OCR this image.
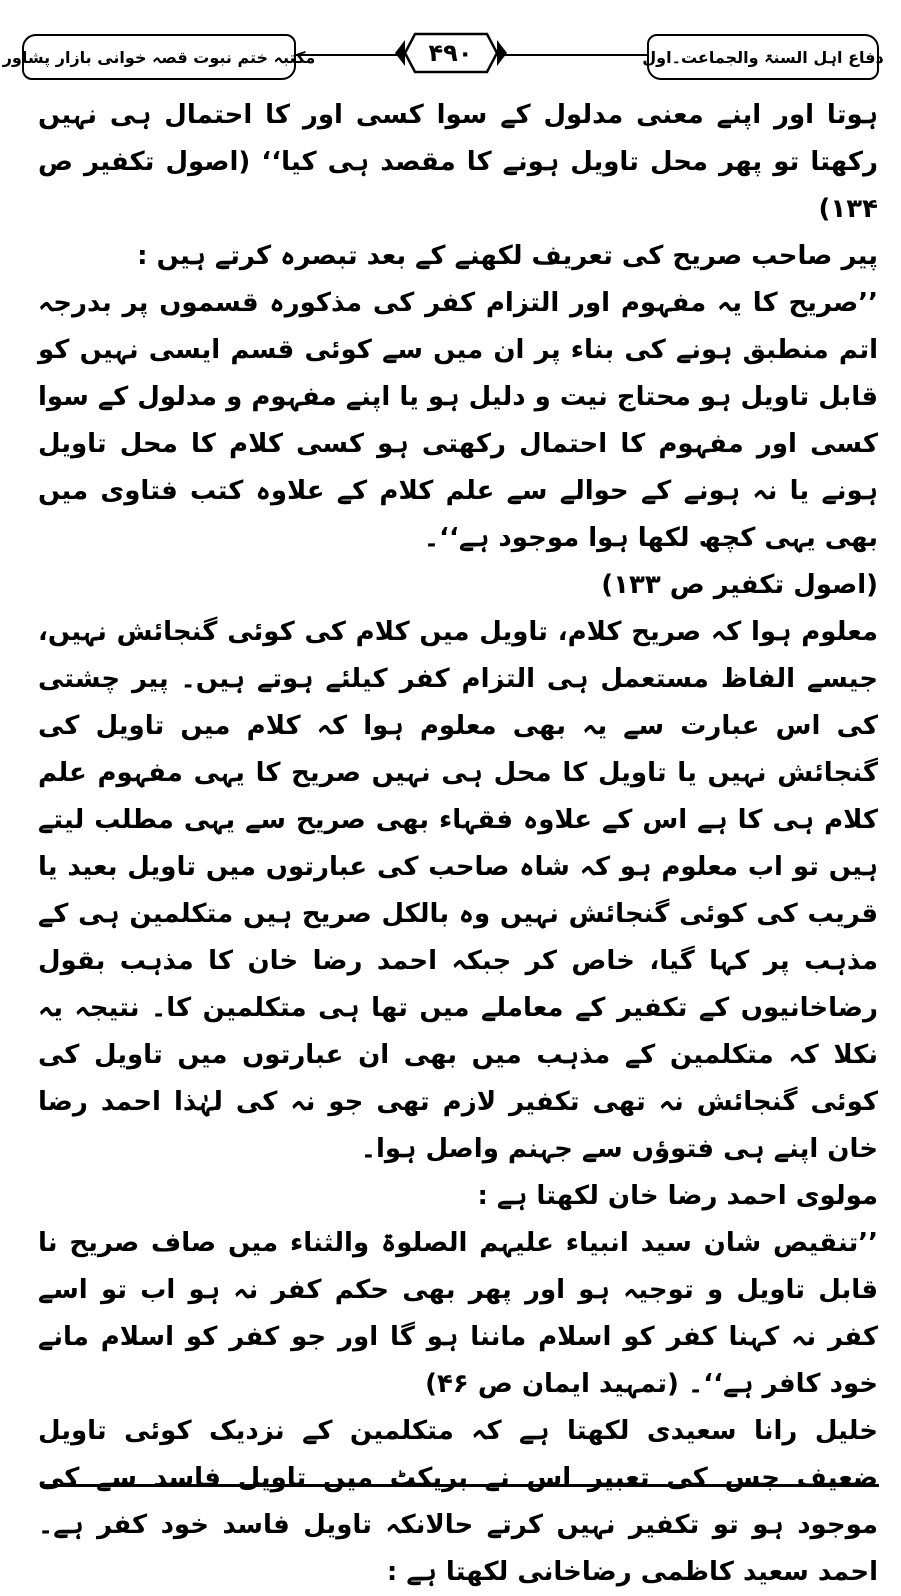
دفاع اہل السنۃ والجماعت۔اول
۴۹۰
مکتبہ ختم نبوت قصہ خوانی بازار پشاور

ہوتا اور اپنے معنی مدلول کے سوا کسی اور کا احتمال ہی نہیں رکھتا تو پھر محل تاویل ہونے کا مقصد ہی کیا‘‘ (اصول تکفیر ص ۱۳۴)

پیر صاحب صریح کی تعریف لکھنے کے بعد تبصرہ کرتے ہیں :

’’صریح کا یہ مفہوم اور التزام کفر کی مذکورہ قسموں پر بدرجہ اتم منطبق ہونے کی بناء پر ان میں سے کوئی قسم ایسی نہیں کو قابل تاویل ہو محتاج نیت و دلیل ہو یا اپنے مفہوم و مدلول کے سوا کسی اور مفہوم کا احتمال رکھتی ہو کسی کلام کا محل تاویل ہونے یا نہ ہونے کے حوالے سے علم کلام کے علاوہ کتب فتاوی میں بھی یہی کچھ لکھا ہوا موجود ہے‘‘۔

(اصول تکفیر ص ۱۳۳)

معلوم ہوا کہ صریح کلام، تاویل میں کلام کی کوئی گنجائش نہیں، جیسے الفاظ مستعمل ہی التزام کفر کیلئے ہوتے ہیں۔ پیر چشتی کی اس عبارت سے یہ بھی معلوم ہوا کہ کلام میں تاویل کی گنجائش نہیں یا تاویل کا محل ہی نہیں صریح کا یہی مفہوم علم کلام ہی کا ہے اس کے علاوہ فقہاء بھی صریح سے یہی مطلب لیتے ہیں تو اب معلوم ہو کہ شاہ صاحب کی عبارتوں میں تاویل بعید یا قریب کی کوئی گنجائش نہیں وہ بالکل صریح ہیں متکلمین ہی کے مذہب پر کہا گیا، خاص کر جبکہ احمد رضا خان کا مذہب بقول رضاخانیوں کے تکفیر کے معاملے میں تھا ہی متکلمین کا۔ نتیجہ یہ نکلا کہ متکلمین کے مذہب میں بھی ان عبارتوں میں تاویل کی کوئی گنجائش نہ تھی تکفیر لازم تھی جو نہ کی لہٰذا احمد رضا خان اپنے ہی فتوؤں سے جہنم واصل ہوا۔

مولوی احمد رضا خان لکھتا ہے :

’’تنقیص شان سید انبیاء علیہم الصلوۃ والثناء میں صاف صریح نا قابل تاویل و توجیہ ہو اور پھر بھی حکم کفر نہ ہو اب تو اسے کفر نہ کہنا کفر کو اسلام ماننا ہو گا اور جو کفر کو اسلام مانے خود کافر ہے‘‘۔ (تمہید ایمان ص ۴۶)

خلیل رانا سعیدی لکھتا ہے کہ متکلمین کے نزدیک کوئی تاویل ضعیف جس کی تعبیر اس نے بریکٹ میں تاویل فاسد سے کی موجود ہو تو تکفیر نہیں کرتے حالانکہ تاویل فاسد خود کفر ہے۔ احمد سعید کاظمی رضاخانی لکھتا ہے :
